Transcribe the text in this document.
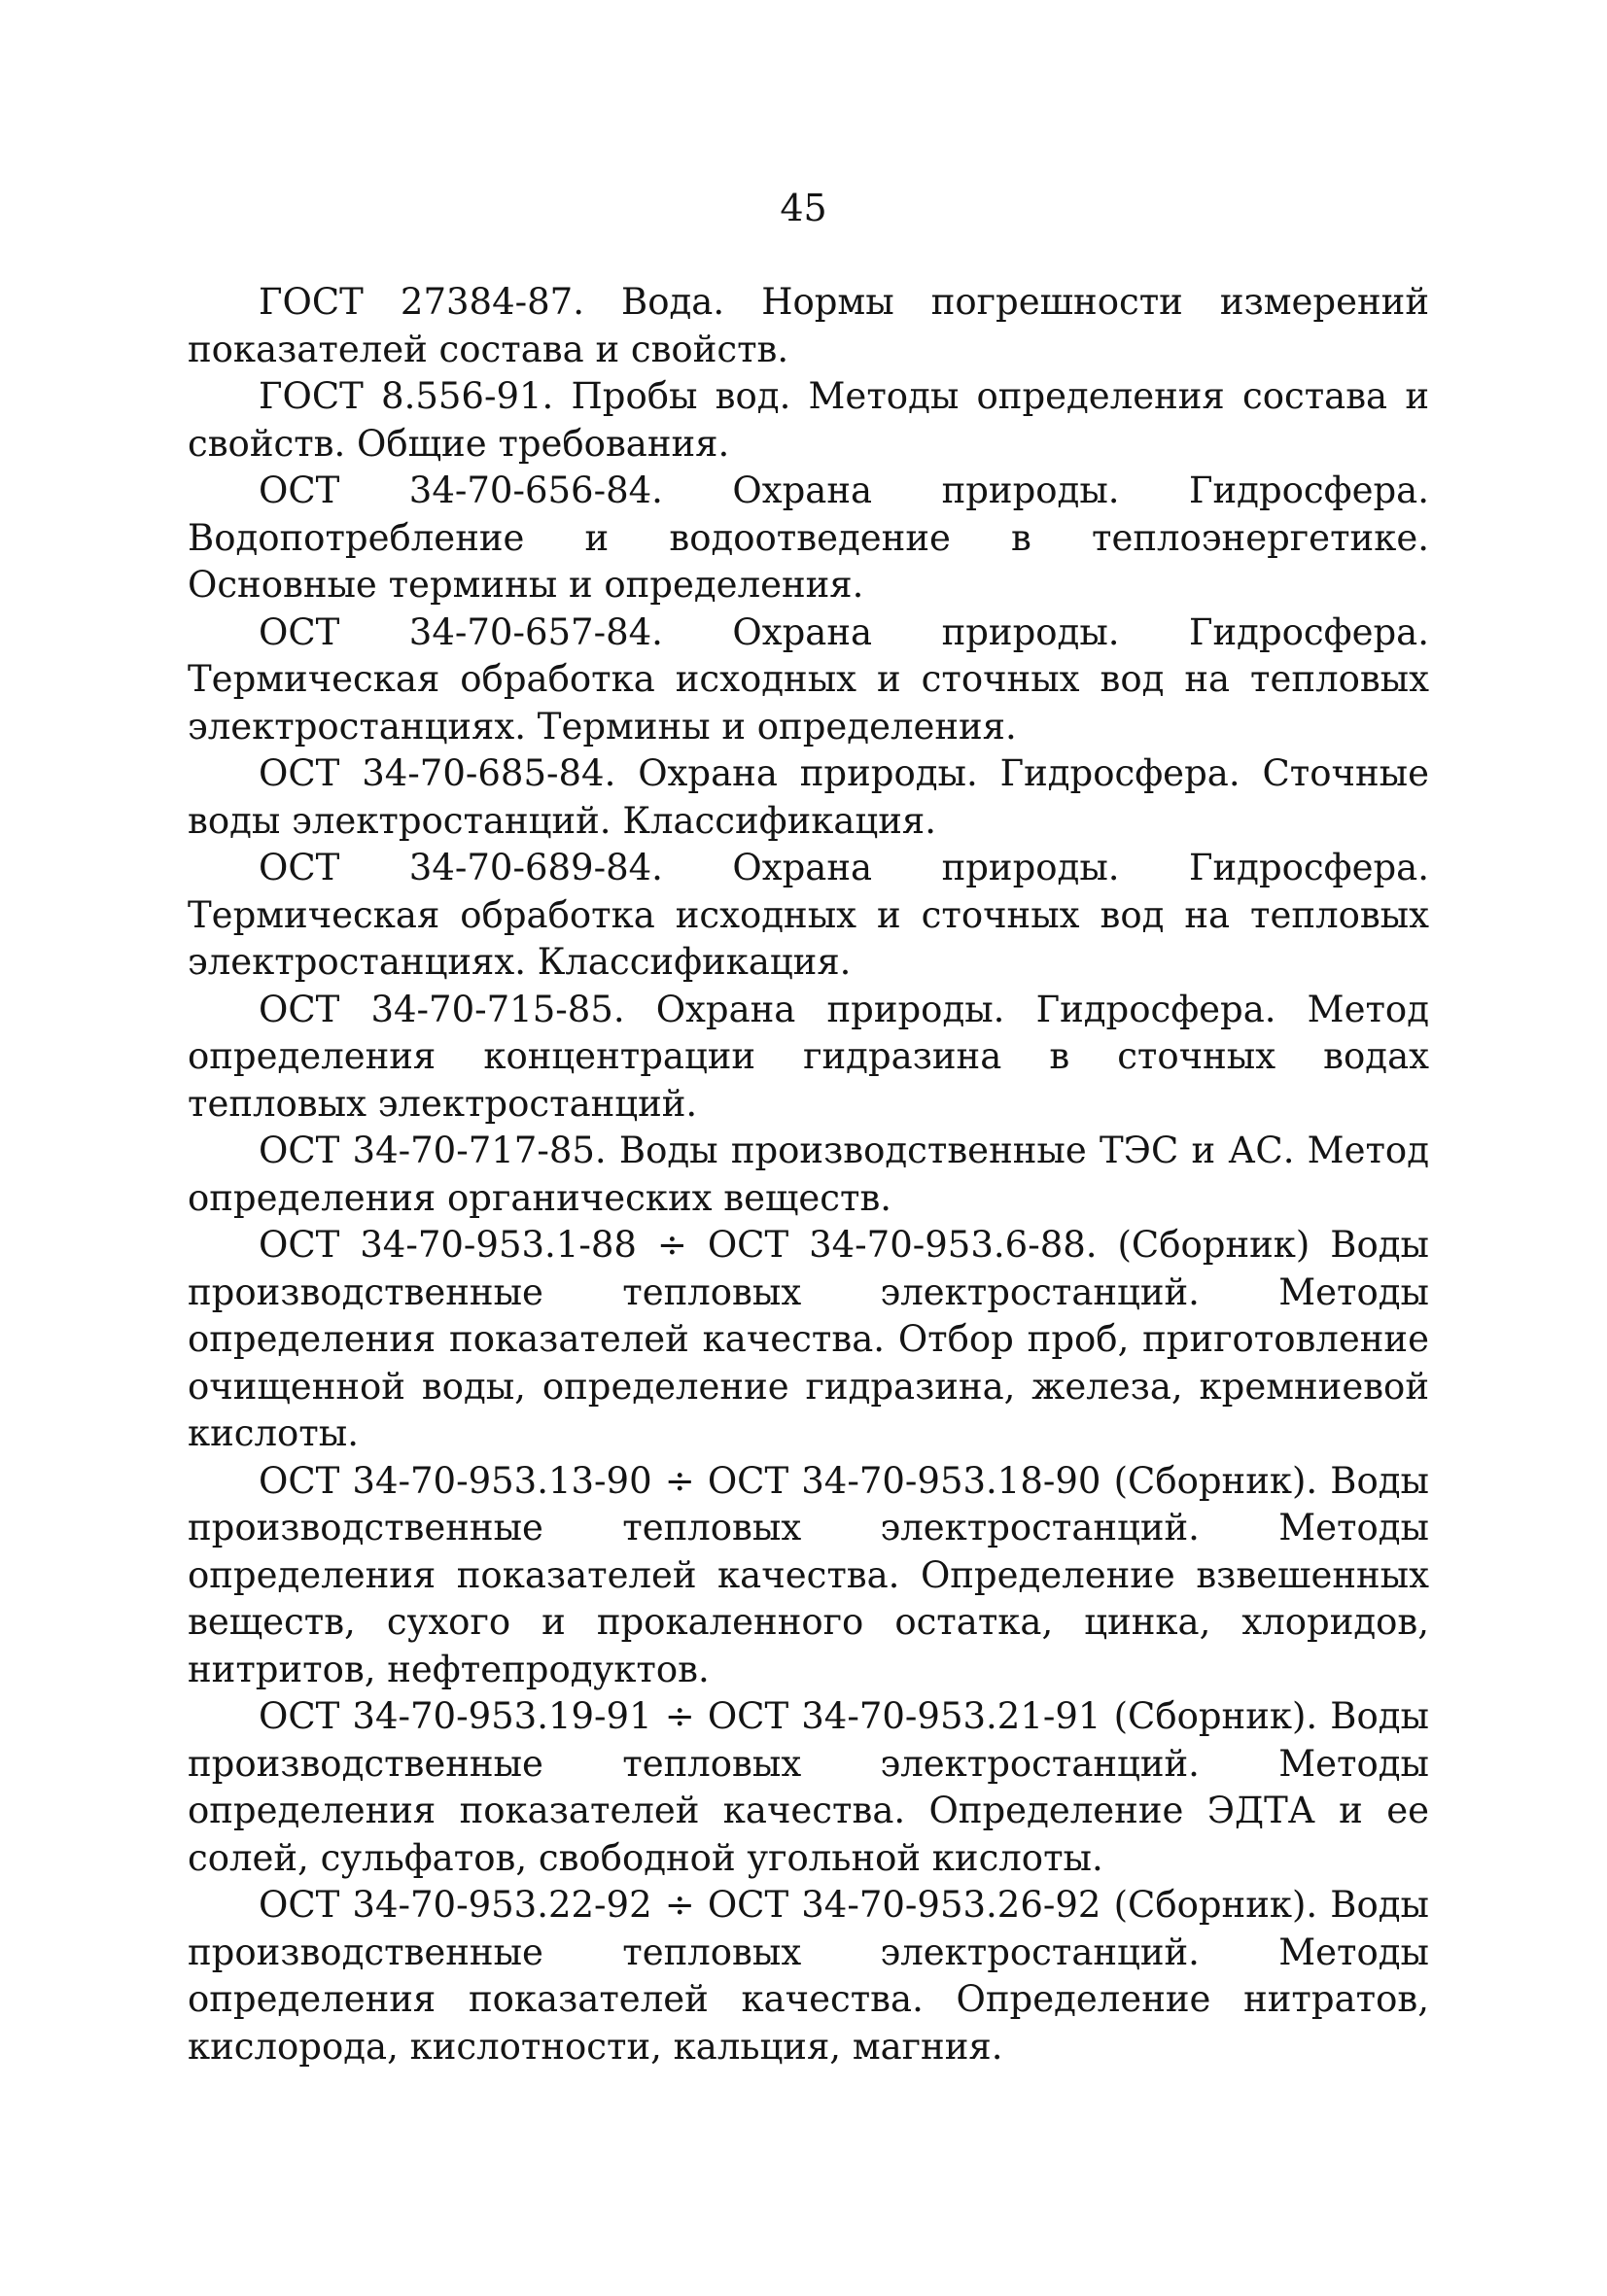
45

ГОСТ 27384-87. Вода. Нормы погрешности измерений показателей состава и свойств.

ГОСТ 8.556-91. Пробы вод. Методы определения состава и свойств. Общие требования.

ОСТ 34-70-656-84. Охрана природы. Гидросфера. Водопотребление и водоотведение в теплоэнергетике. Основные термины и определения.

ОСТ 34-70-657-84. Охрана природы. Гидросфера. Термическая обработка исходных и сточных вод на тепловых электростанциях. Термины и определения.

ОСТ 34-70-685-84. Охрана природы. Гидросфера. Сточные воды электростанций. Классификация.

ОСТ 34-70-689-84. Охрана природы. Гидросфера. Термическая обработка исходных и сточных вод на тепловых электростанциях. Классификация.

ОСТ 34-70-715-85. Охрана природы. Гидросфера. Метод определения концентрации гидразина в сточных водах тепловых электростанций.

ОСТ 34-70-717-85. Воды производственные ТЭС и АС. Метод определения органических веществ.

ОСТ 34-70-953.1-88 ÷ ОСТ 34-70-953.6-88. (Сборник) Воды производственные тепловых электростанций. Методы определения показателей качества. Отбор проб, приготовление очищенной воды, определение гидразина, железа, кремниевой кислоты.

ОСТ 34-70-953.13-90 ÷ ОСТ 34-70-953.18-90 (Сборник). Воды производственные тепловых электростанций. Методы определения показателей качества. Определение взвешенных веществ, сухого и прокаленного остатка, цинка, хлоридов, нитритов, нефтепродуктов.

ОСТ 34-70-953.19-91 ÷ ОСТ 34-70-953.21-91 (Сборник). Воды производственные тепловых электростанций. Методы определения показателей качества. Определение ЭДТА и ее солей, сульфатов, свободной угольной кислоты.

ОСТ 34-70-953.22-92 ÷ ОСТ 34-70-953.26-92 (Сборник). Воды производственные тепловых электростанций. Методы определения показателей качества. Определение нитратов, кислорода, кислотности, кальция, магния.
